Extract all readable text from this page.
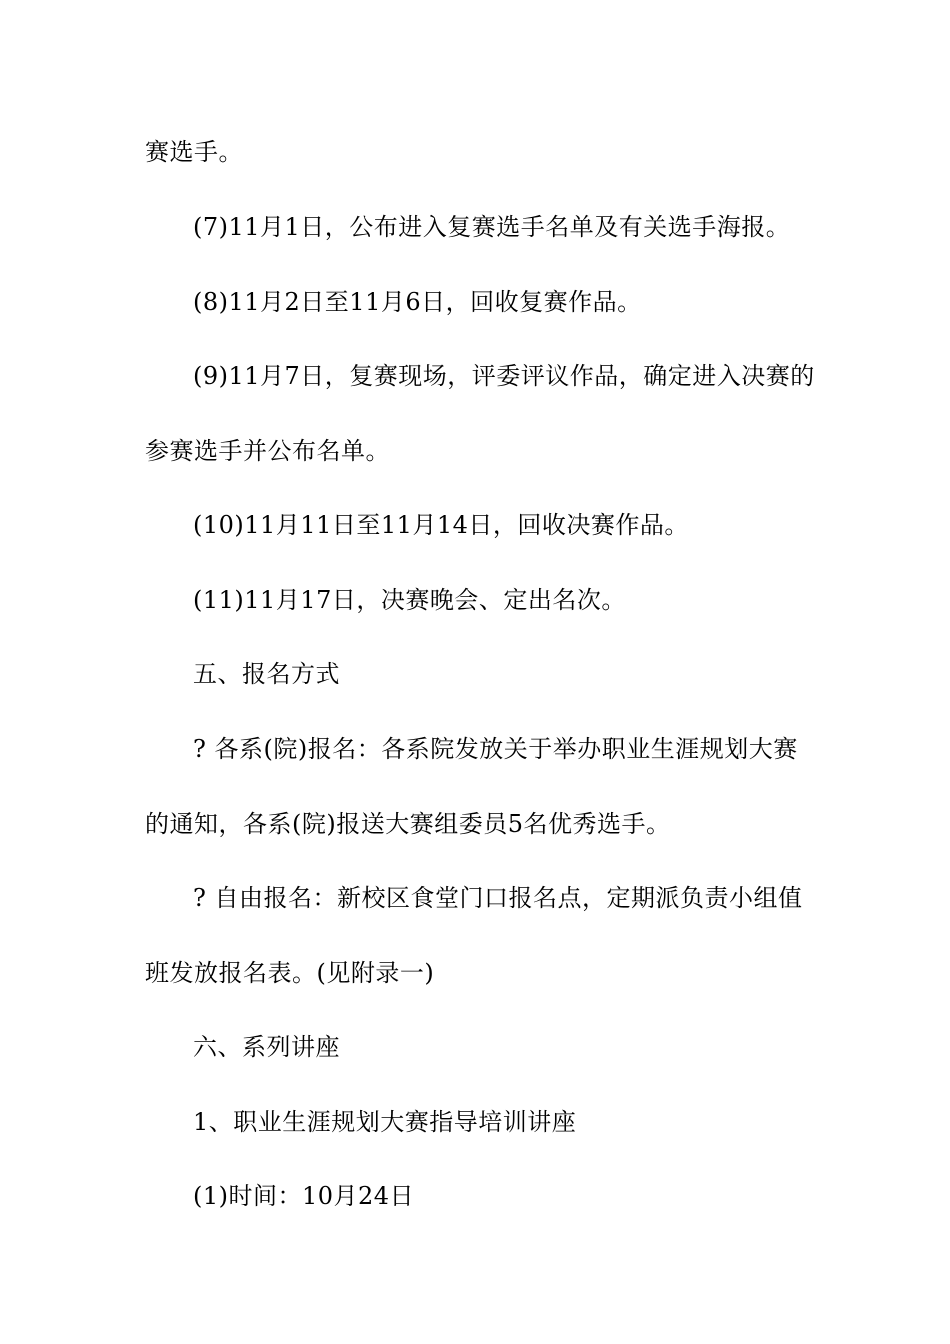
赛选手。
(7)11月1日，公布进入复赛选手名单及有关选手海报。
(8)11月2日至11月6日，回收复赛作品。
(9)11月7日，复赛现场，评委评议作品，确定进入决赛的
参赛选手并公布名单。
(10)11月11日至11月14日，回收决赛作品。
(11)11月17日，决赛晚会、定出名次。
五、报名方式
? 各系(院)报名：各系院发放关于举办职业生涯规划大赛
的通知，各系(院)报送大赛组委员5名优秀选手。
? 自由报名：新校区食堂门口报名点，定期派负责小组值
班发放报名表。(见附录一)
六、系列讲座
1、职业生涯规划大赛指导培训讲座
(1)时间：10月24日
